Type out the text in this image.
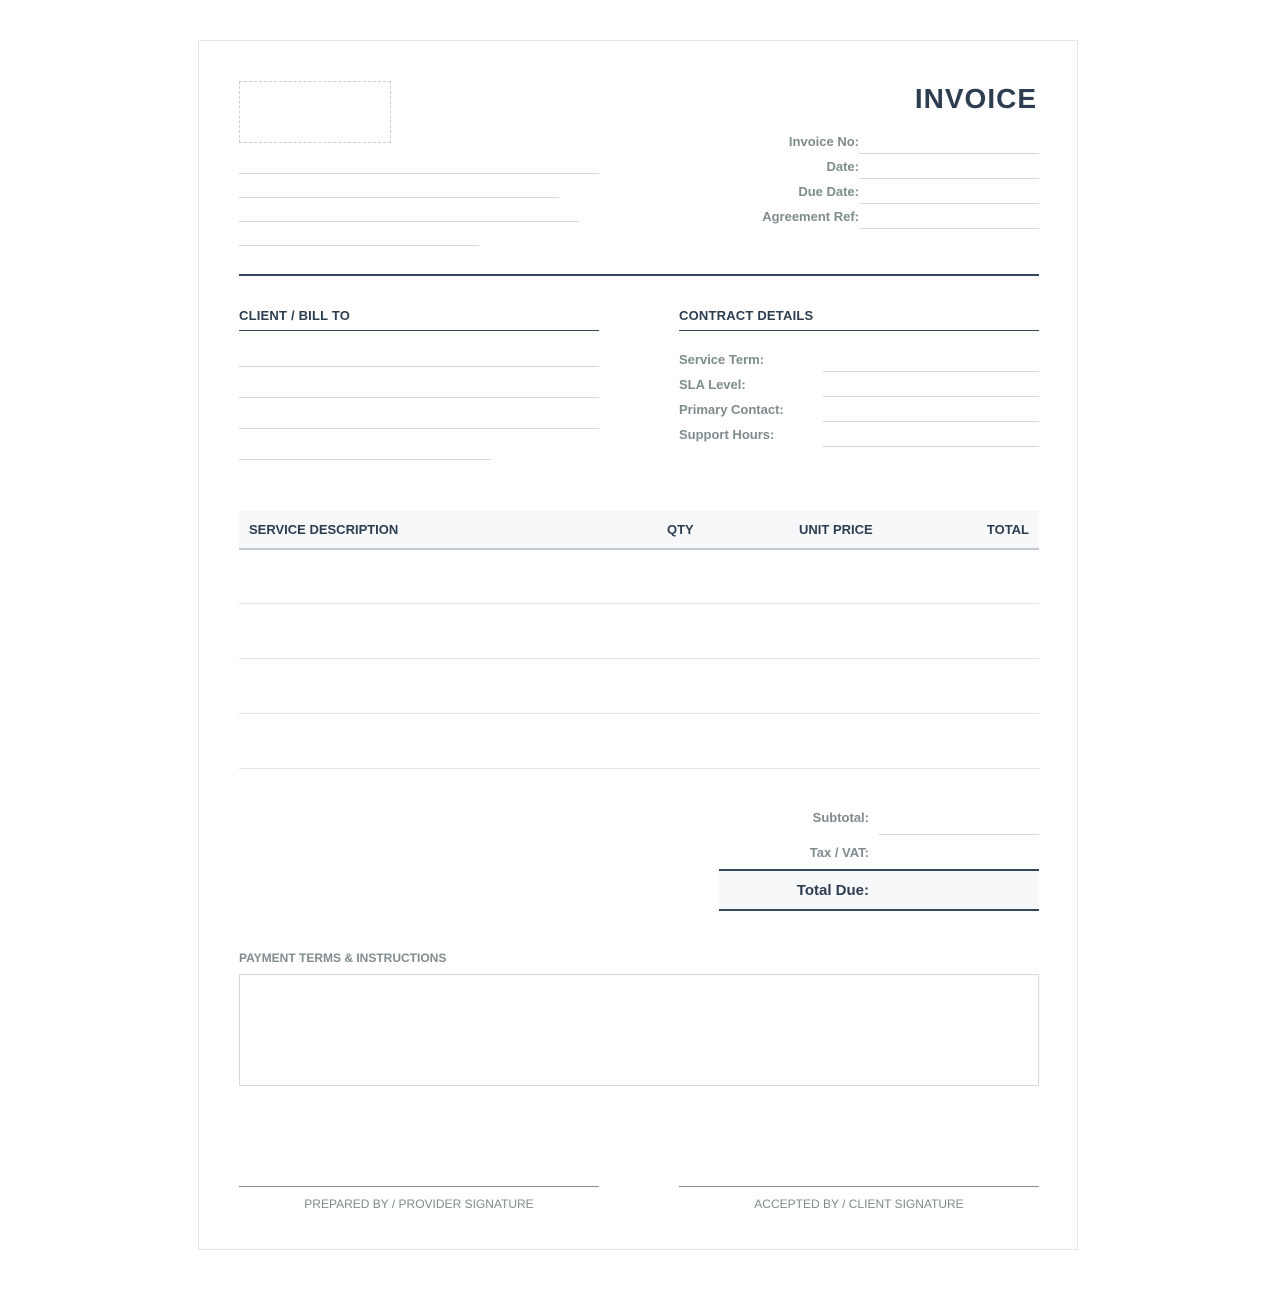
INVOICE
Invoice No:
Date:
Due Date:
Agreement Ref:
CLIENT / BILL TO	CONTRACT DETAILS
Service Term:
SLA Level:
Primary Contact:
Support Hours:
SERVICE DESCRIPTION	QTY	UNIT PRICE	TOTAL
Subtotal:
Tax / VAT:
Total Due:
PAYMENT TERMS & INSTRUCTIONS
PREPARED BY / PROVIDER SIGNATURE	ACCEPTED BY / CLIENT SIGNATURE
